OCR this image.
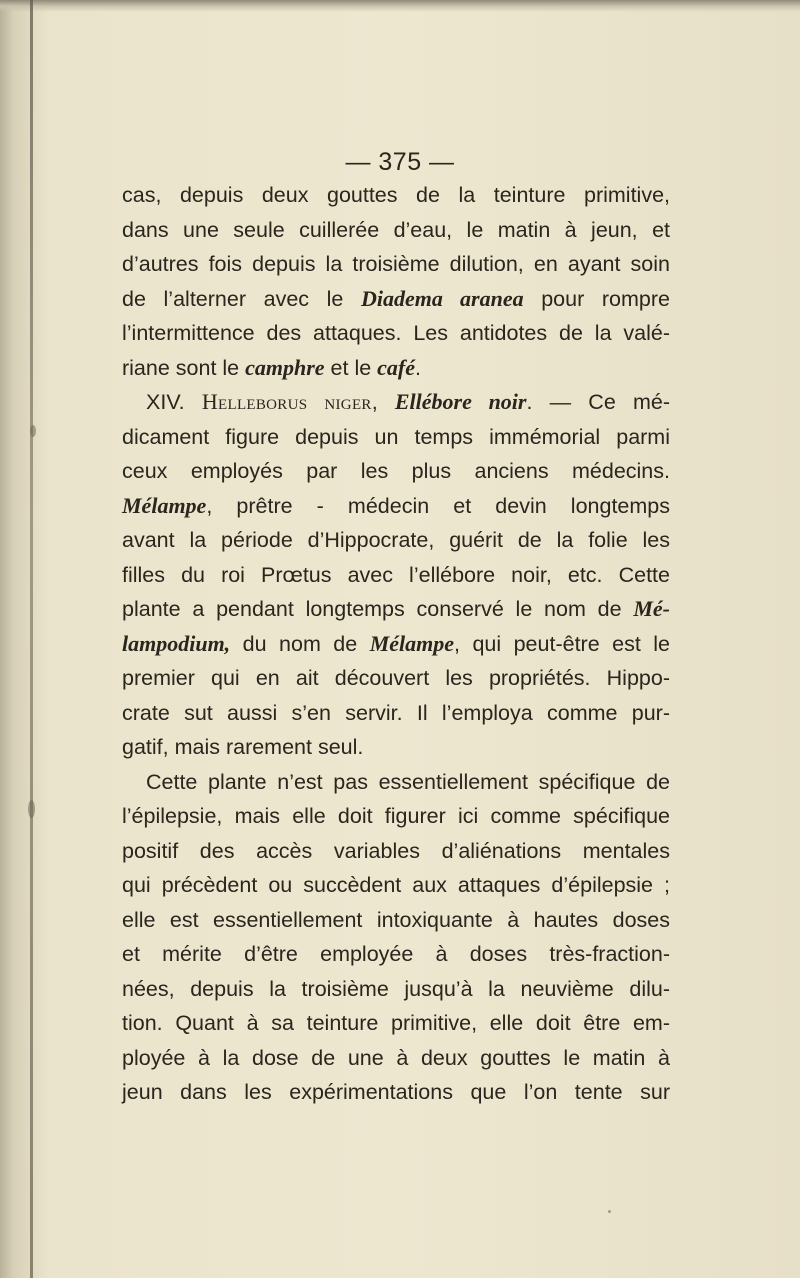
— 375 —
cas, depuis deux gouttes de la teinture primitive,
dans une seule cuillerée d’eau, le matin à jeun, et
d’autres fois depuis la troisième dilution, en ayant soin
de l’alterner avec le Diadema aranea pour rompre
l’intermittence des attaques. Les antidotes de la valé-
riane sont le camphre et le café.
XIV. Helleborus niger, Ellébore noir. — Ce mé-
dicament figure depuis un temps immémorial parmi
ceux employés par les plus anciens médecins.
Mélampe, prêtre - médecin et devin longtemps
avant la période d’Hippocrate, guérit de la folie les
filles du roi Prœtus avec l’ellébore noir, etc. Cette
plante a pendant longtemps conservé le nom de Mé-
lampodium, du nom de Mélampe, qui peut-être est le
premier qui en ait découvert les propriétés. Hippo-
crate sut aussi s’en servir. Il l’employa comme pur-
gatif, mais rarement seul.
Cette plante n’est pas essentiellement spécifique de
l’épilepsie, mais elle doit figurer ici comme spécifique
positif des accès variables d’aliénations mentales
qui précèdent ou succèdent aux attaques d’épilepsie ;
elle est essentiellement intoxiquante à hautes doses
et mérite d’être employée à doses très-fraction-
nées, depuis la troisième jusqu’à la neuvième dilu-
tion. Quant à sa teinture primitive, elle doit être em-
ployée à la dose de une à deux gouttes le matin à
jeun dans les expérimentations que l’on tente sur
